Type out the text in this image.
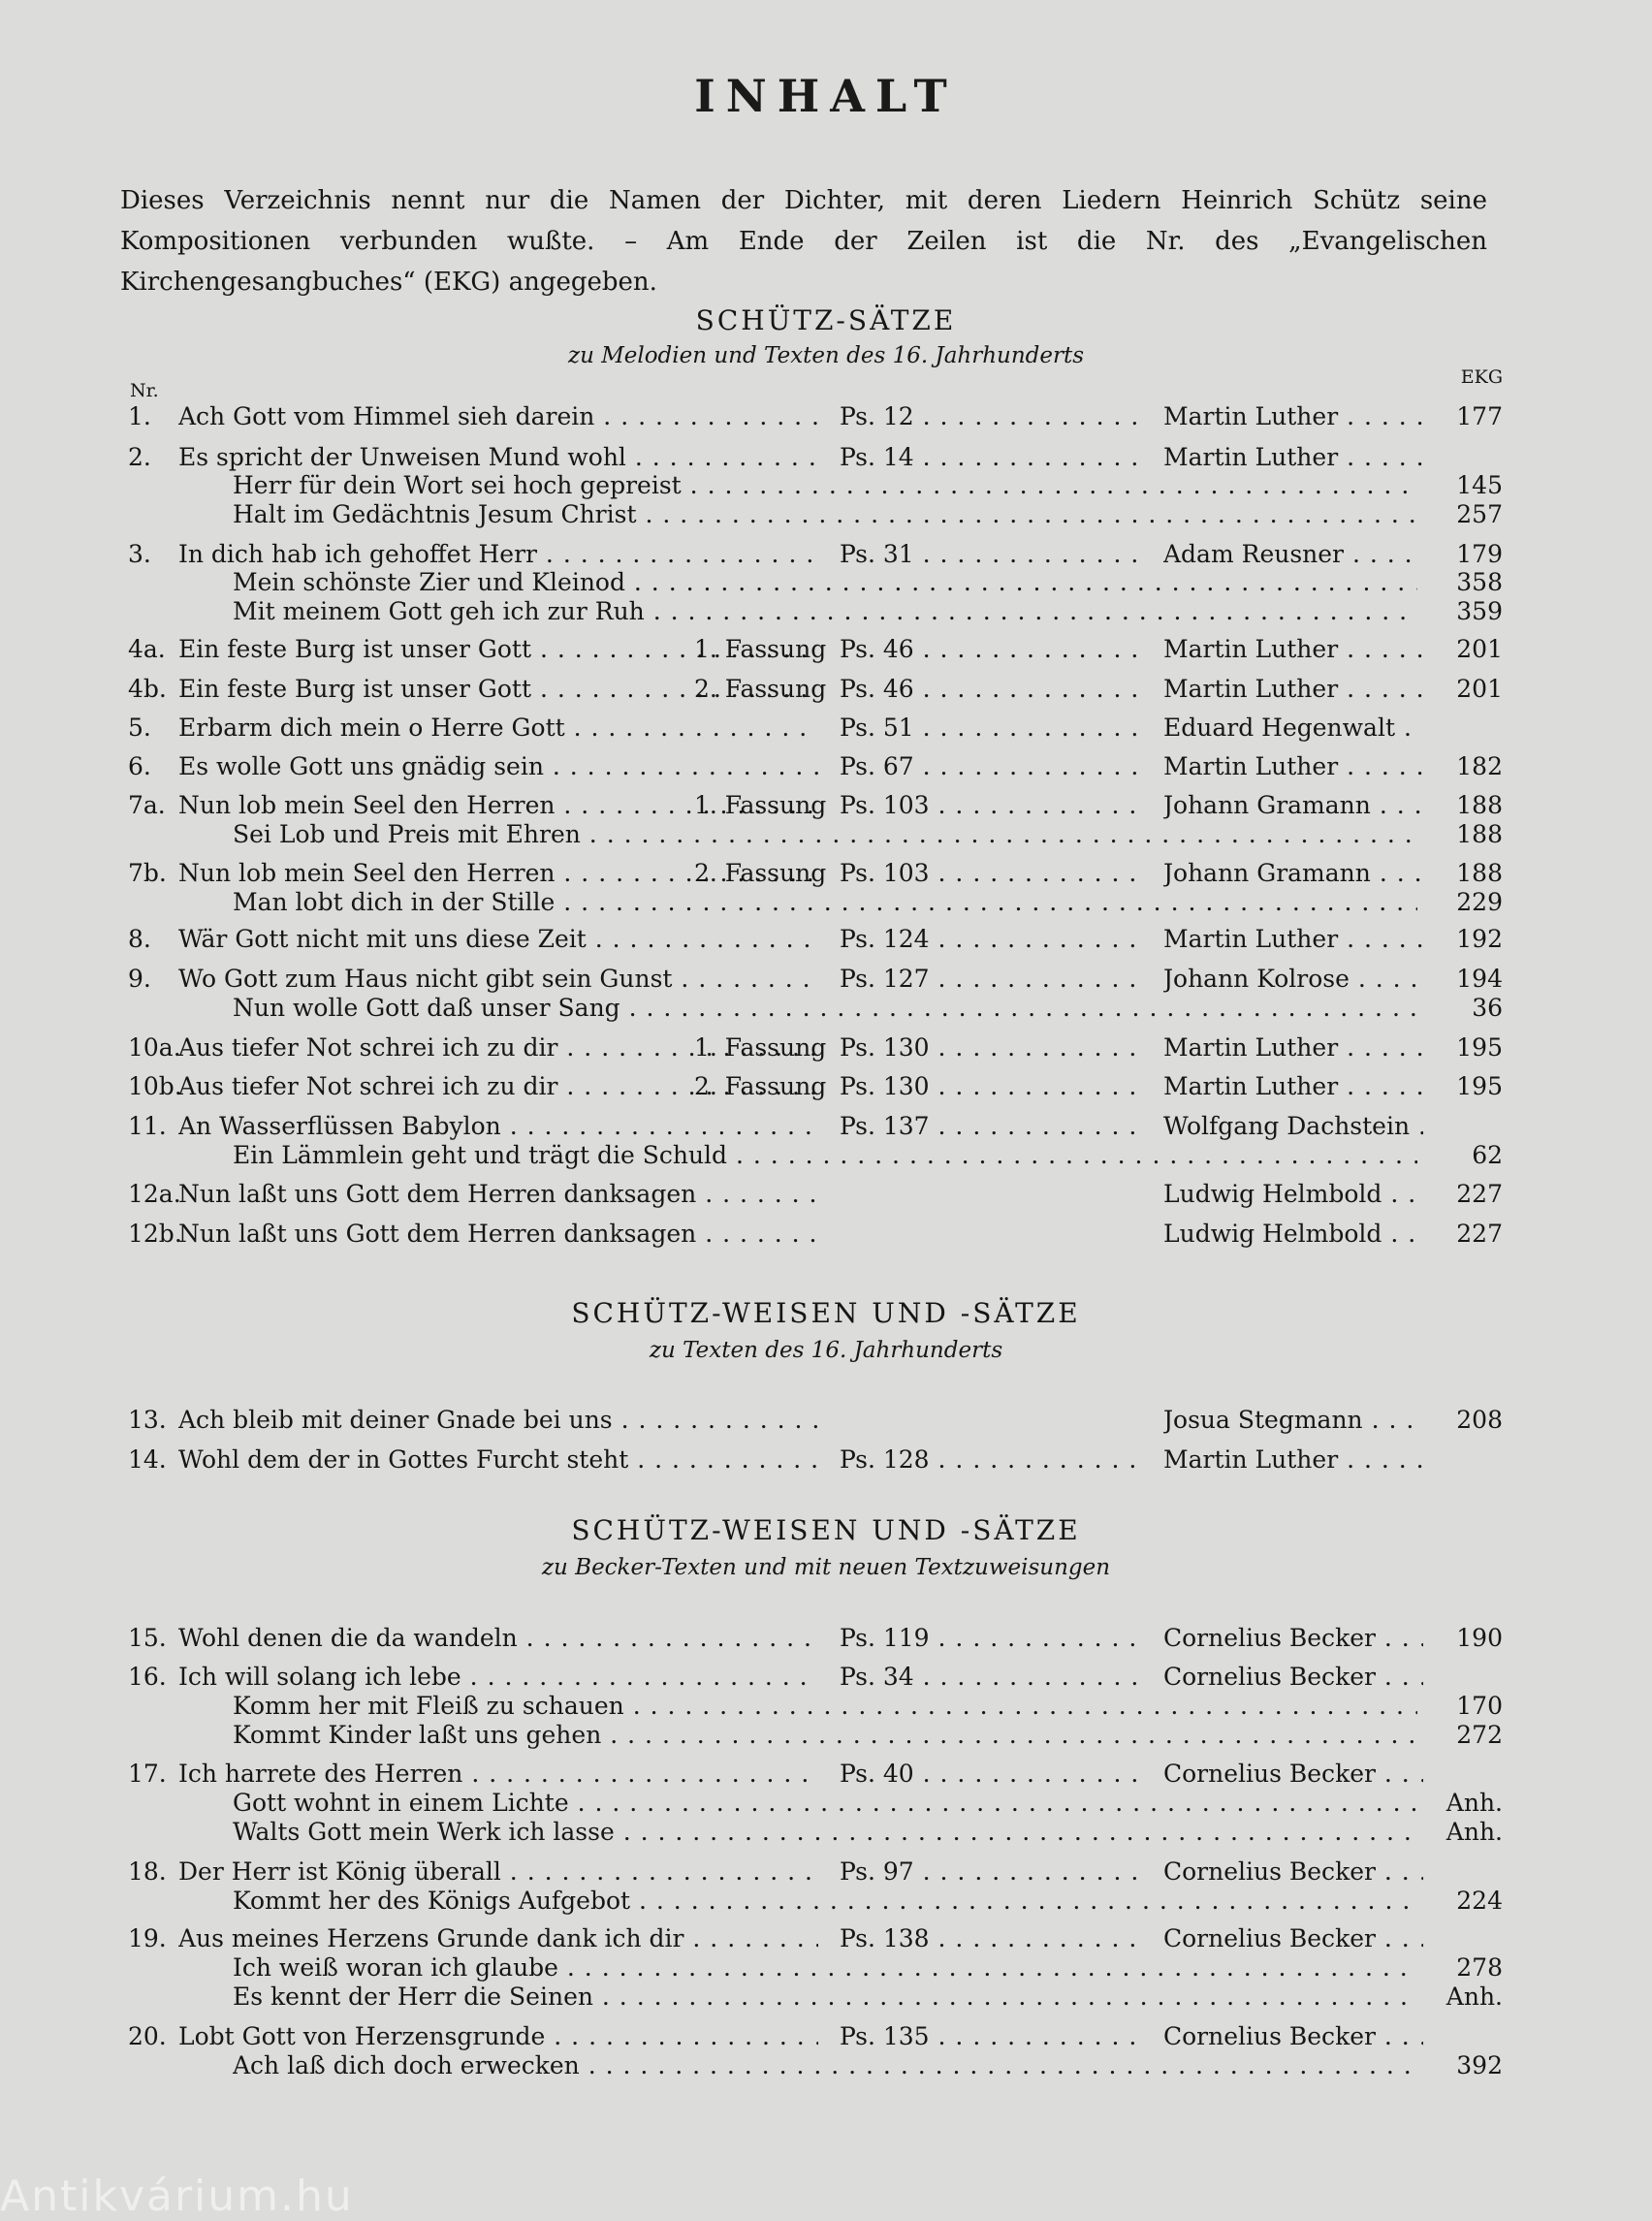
INHALT
Dieses Verzeichnis nennt nur die Namen der Dichter, mit deren Liedern Heinrich Schütz seine Kompositionen verbunden wußte. – Am Ende der Zeilen ist die Nr. des „Evangelischen Kirchengesangbuches“ (EKG) angegeben.
SCHÜTZ-SÄTZE
zu Melodien und Texten des 16. Jahrhunderts
Nr.
EKG
SCHÜTZ-WEISEN UND -SÄTZE
zu Texten des 16. Jahrhunderts
SCHÜTZ-WEISEN UND -SÄTZE
zu Becker-Texten und mit neuen Textzuweisungen
1.	Ach Gott vom Himmel sieh darein . . .	Ps. 12 . . .	Martin Luther . . .	177
2.	Es spricht der Unweisen Mund wohl . . .	Ps. 14 . . .	Martin Luther . . .
Herr für dein Wort sei hoch gepreist . . .	145
Halt im Gedächtnis Jesum Christ . . .	257
3.	In dich hab ich gehoffet Herr . . .	Ps. 31 . . .	Adam Reusner . . .	179
Mein schönste Zier und Kleinod . . .	358
Mit meinem Gott geh ich zur Ruh . . .	359
4a. Ein feste Burg ist unser Gott . . .	1. Fassung Ps. 46 . . .	Martin Luther . . .	201
4b. Ein feste Burg ist unser Gott . . .	2. Fassung Ps. 46 . . .	Martin Luther . . .	201
5.	Erbarm dich mein o Herre Gott . . .	Ps. 51 . . .	Eduard Hegenwalt . . .
6.	Es wolle Gott uns gnädig sein . . .	Ps. 67 . . .	Martin Luther . . .	182
7a. Nun lob mein Seel den Herren . . .	1. Fassung Ps. 103 . . .	Johann Gramann . . .	188
Sei Lob und Preis mit Ehren . . .	188
7b. Nun lob mein Seel den Herren . . .	2. Fassung Ps. 103 . . .	Johann Gramann . . .	188
Man lobt dich in der Stille . . .	229
8.	Wär Gott nicht mit uns diese Zeit . . .	Ps. 124 . . .	Martin Luther . . .	192
9.	Wo Gott zum Haus nicht gibt sein Gunst . . .	Ps. 127 . . .	Johann Kolrose . . .	194
Nun wolle Gott daß unser Sang . . .	36
10a.
Aus tiefer Not schrei ich zu dir . . .	1. Fassung Ps. 130 . . .	Martin Luther . . .	195
10b.
Aus tiefer Not schrei ich zu dir . . .	2. Fassung Ps. 130 . . .	Martin Luther . . .	195
11. An Wasserflüssen Babylon . . .	Ps. 137 . . .	Wolfgang Dachstein . . .
Ein Lämmlein geht und trägt die Schuld . . .	62
12a.
Nun laßt uns Gott dem Herren danksagen . . .	Ludwig Helmbold . . .	227
12b.
Nun laßt uns Gott dem Herren danksagen . . .	Ludwig Helmbold . . .	227
13. Ach bleib mit deiner Gnade bei uns . . .	Josua Stegmann . . .	208
14. Wohl dem der in Gottes Furcht steht . . .	Ps. 128 . . .	Martin Luther . . .
15. Wohl denen die da wandeln . . .	Ps. 119 . . .	Cornelius Becker . . .	190
16. Ich will solang ich lebe . . .	Ps. 34 . . .	Cornelius Becker . . .
Komm her mit Fleiß zu schauen . . .	170
Kommt Kinder laßt uns gehen . . .	272
17. Ich harrete des Herren . . .	Ps. 40 . . .	Cornelius Becker . . .
Gott wohnt in einem Lichte . . .	Anh.
Walts Gott mein Werk ich lasse . . .	Anh.
18. Der Herr ist König überall . . .	Ps. 97 . . .	Cornelius Becker . . .
Kommt her des Königs Aufgebot . . .	224
19. Aus meines Herzens Grunde dank ich dir . . .	Ps. 138 . . .	Cornelius Becker . . .
Ich weiß woran ich glaube . . .	278
Es kennt der Herr die Seinen . . .	Anh.
20. Lobt Gott von Herzensgrunde . . .	Ps. 135 . . .	Cornelius Becker . . .
Ach laß dich doch erwecken . . .	392
Antikvárium.hu
